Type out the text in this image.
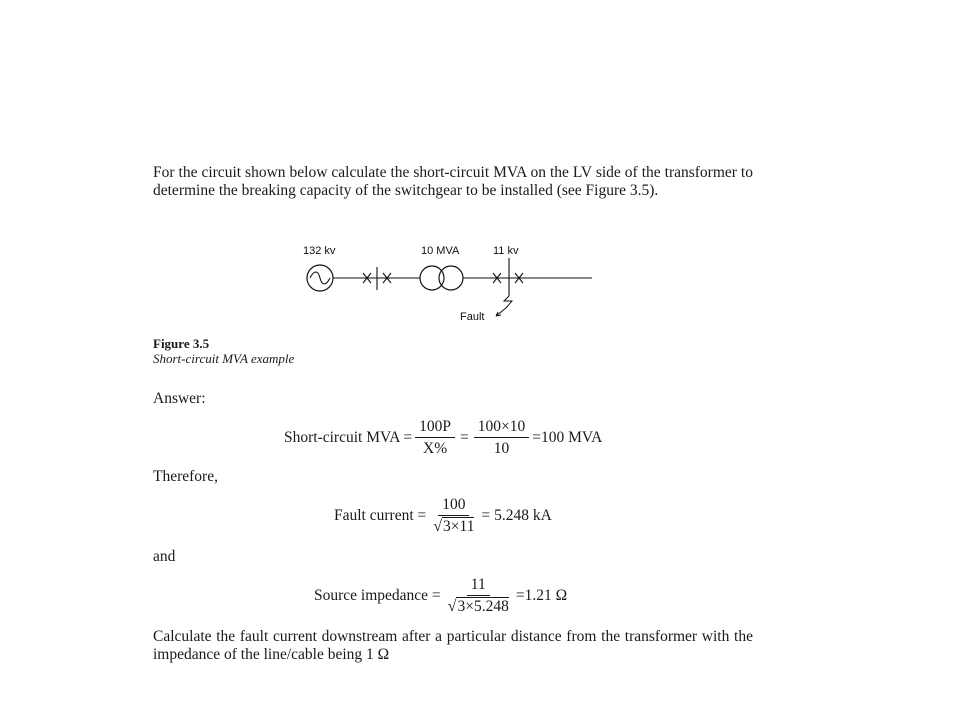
For the circuit shown below calculate the short-circuit MVA on the LV side of the transformer to determine the breaking capacity of the switchgear to be installed (see Figure 3.5).
132 kv	10 MVA	11 kv
Fault
Figure 3.5
Short-circuit MVA example
Answer:
Short-circuit MVA = $\frac{100P}{X\%} = \frac{100\times 10}{10} =100$ MVA
Therefore,
Fault current = $\frac{100}{√3\times 11} = 5.248$ kA
and
Source impedance = $\frac{11}{√3\times 5.248} =1.21$ Ω
Calculate the fault current downstream after a particular distance from the transformer with the impedance of the line/cable being 1 Ω
